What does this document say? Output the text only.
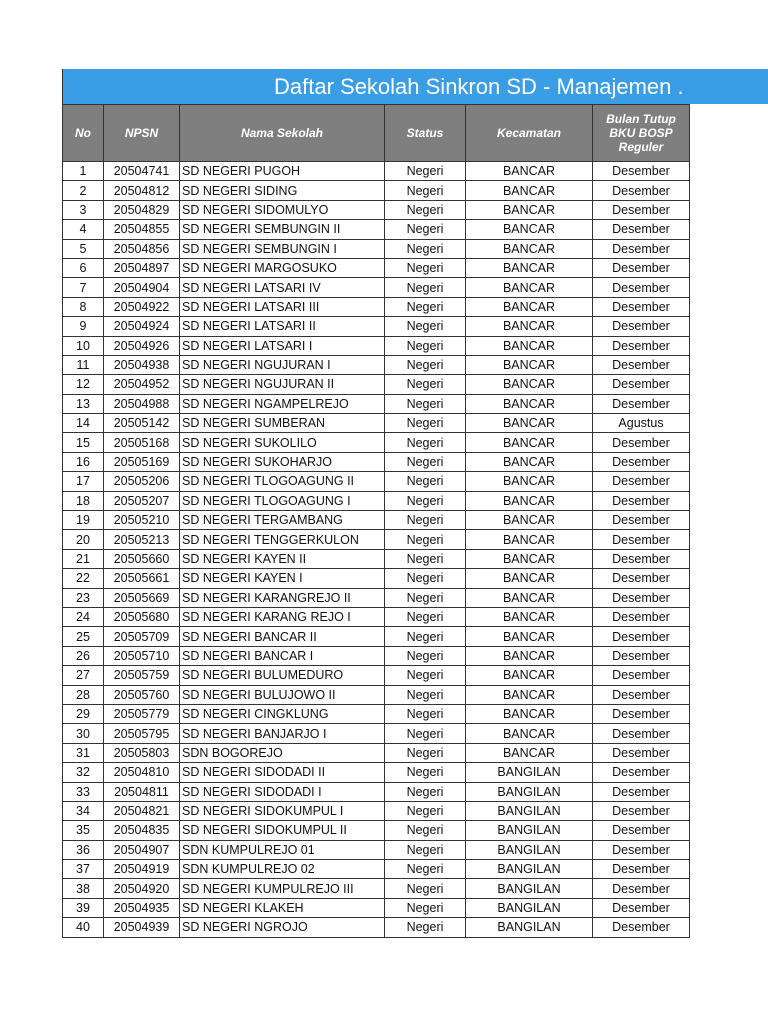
Daftar Sekolah Sinkron SD - Manajemen .
No	NPSN	Nama Sekolah	Status	Kecamatan	Bulan Tutup BKU BOSP Reguler
1	20504741	SD NEGERI PUGOH	Negeri	BANCAR	Desember
2	20504812	SD NEGERI SIDING	Negeri	BANCAR	Desember
3	20504829	SD NEGERI SIDOMULYO	Negeri	BANCAR	Desember
4	20504855	SD NEGERI SEMBUNGIN II	Negeri	BANCAR	Desember
5	20504856	SD NEGERI SEMBUNGIN I	Negeri	BANCAR	Desember
6	20504897	SD NEGERI MARGOSUKO	Negeri	BANCAR	Desember
7	20504904	SD NEGERI LATSARI IV	Negeri	BANCAR	Desember
8	20504922	SD NEGERI LATSARI III	Negeri	BANCAR	Desember
9	20504924	SD NEGERI LATSARI II	Negeri	BANCAR	Desember
10	20504926	SD NEGERI LATSARI I	Negeri	BANCAR	Desember
11	20504938	SD NEGERI NGUJURAN I	Negeri	BANCAR	Desember
12	20504952	SD NEGERI NGUJURAN II	Negeri	BANCAR	Desember
13	20504988	SD NEGERI NGAMPELREJO	Negeri	BANCAR	Desember
14	20505142	SD NEGERI SUMBERAN	Negeri	BANCAR	Agustus
15	20505168	SD NEGERI SUKOLILO	Negeri	BANCAR	Desember
16	20505169	SD NEGERI SUKOHARJO	Negeri	BANCAR	Desember
17	20505206	SD NEGERI TLOGOAGUNG II	Negeri	BANCAR	Desember
18	20505207	SD NEGERI TLOGOAGUNG I	Negeri	BANCAR	Desember
19	20505210	SD NEGERI TERGAMBANG	Negeri	BANCAR	Desember
20	20505213	SD NEGERI TENGGERKULON	Negeri	BANCAR	Desember
21	20505660	SD NEGERI KAYEN II	Negeri	BANCAR	Desember
22	20505661	SD NEGERI KAYEN I	Negeri	BANCAR	Desember
23	20505669	SD NEGERI KARANGREJO II	Negeri	BANCAR	Desember
24	20505680	SD NEGERI KARANG REJO I	Negeri	BANCAR	Desember
25	20505709	SD NEGERI BANCAR II	Negeri	BANCAR	Desember
26	20505710	SD NEGERI BANCAR I	Negeri	BANCAR	Desember
27	20505759	SD NEGERI BULUMEDURO	Negeri	BANCAR	Desember
28	20505760	SD NEGERI BULUJOWO II	Negeri	BANCAR	Desember
29	20505779	SD NEGERI CINGKLUNG	Negeri	BANCAR	Desember
30	20505795	SD NEGERI BANJARJO I	Negeri	BANCAR	Desember
31	20505803	SDN BOGOREJO	Negeri	BANCAR	Desember
32	20504810	SD NEGERI SIDODADI II	Negeri	BANGILAN	Desember
33	20504811	SD NEGERI SIDODADI I	Negeri	BANGILAN	Desember
34	20504821	SD NEGERI SIDOKUMPUL I	Negeri	BANGILAN	Desember
35	20504835	SD NEGERI SIDOKUMPUL II	Negeri	BANGILAN	Desember
36	20504907	SDN KUMPULREJO 01	Negeri	BANGILAN	Desember
37	20504919	SDN KUMPULREJO 02	Negeri	BANGILAN	Desember
38	20504920	SD NEGERI KUMPULREJO III	Negeri	BANGILAN	Desember
39	20504935	SD NEGERI KLAKEH	Negeri	BANGILAN	Desember
40	20504939	SD NEGERI NGROJO	Negeri	BANGILAN	Desember
